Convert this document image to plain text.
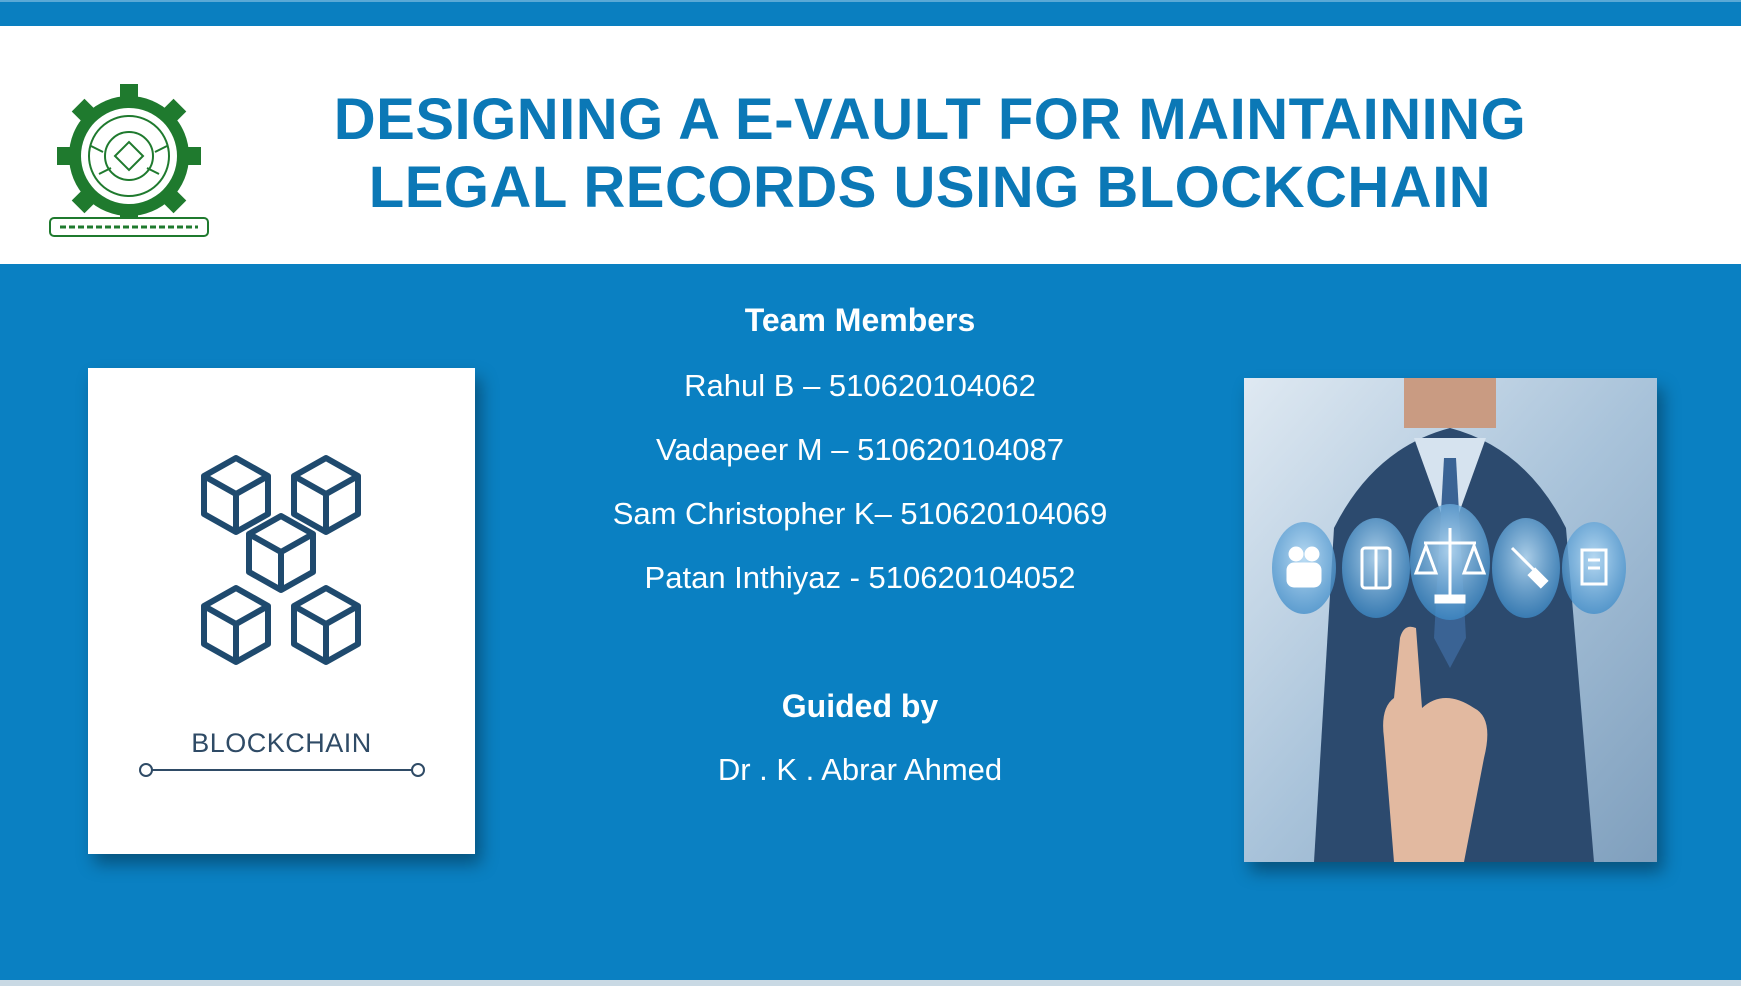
DESIGNING A E-VAULT FOR MAINTAINING
LEGAL RECORDS USING BLOCKCHAIN
BLOCKCHAIN
Team Members
Rahul B – 510620104062
Vadapeer M – 510620104087
Sam Christopher K– 510620104069
Patan Inthiyaz - 510620104052
Guided by
Dr . K . Abrar Ahmed
